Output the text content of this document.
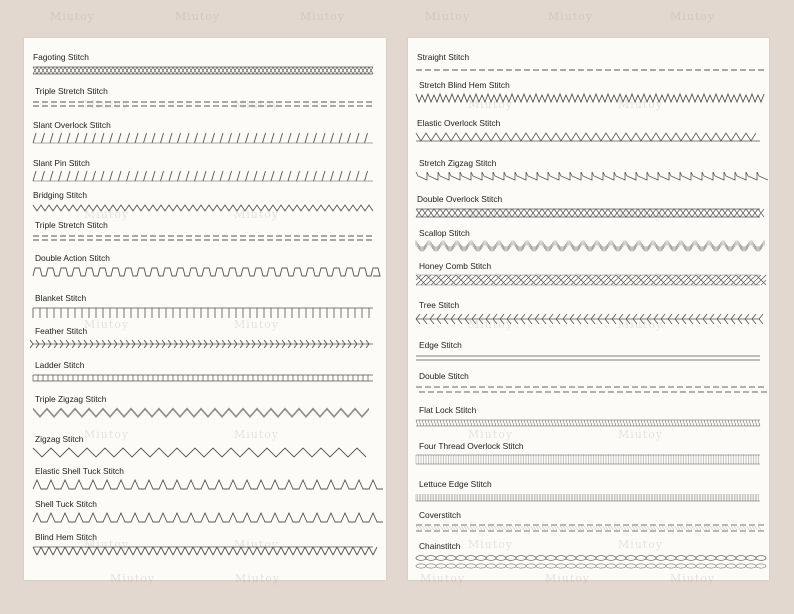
Miutoy	Miutoy	Miutoy	Miutoy	Miutoy	Miutoy
Fagoting Stitch
Triple Stretch Stitch
Slant Overlock Stitch
Slant Pin Stitch
Bridging Stitch
Triple Stretch Stitch
Double Action Stitch
Blanket Stitch
Feather Stitch
Ladder Stitch
Triple Zigzag Stitch
Zigzag Stitch
Elastic Shell Tuck Stitch
Shell Tuck Stitch
Blind Hem Stitch
Miutoy	Miutoy
Miutoy	Miutoy
Miutoy	Miutoy
Miutoy	Miutoy
Miutoy	Miutoy
Straight Stitch
Stretch Blind Hem Stitch
Elastic Overlock Stitch
Stretch Zigzag Stitch
Double Overlock Stitch
Scallop Stitch
Honey Comb Stitch
Tree Stitch
Edge Stitch
Double Stitch
Flat Lock Stitch
Four Thread Overlock Stitch
Lettuce Edge Stitch
Coverstitch
Chainstitch
Miutoy	Miutoy
Miutoy	Miutoy
Miutoy	Miutoy
Miutoy	Miutoy
Miutoy	Miutoy
Miutoy	Miutoy	Miutoy	Miutoy	Miutoy
